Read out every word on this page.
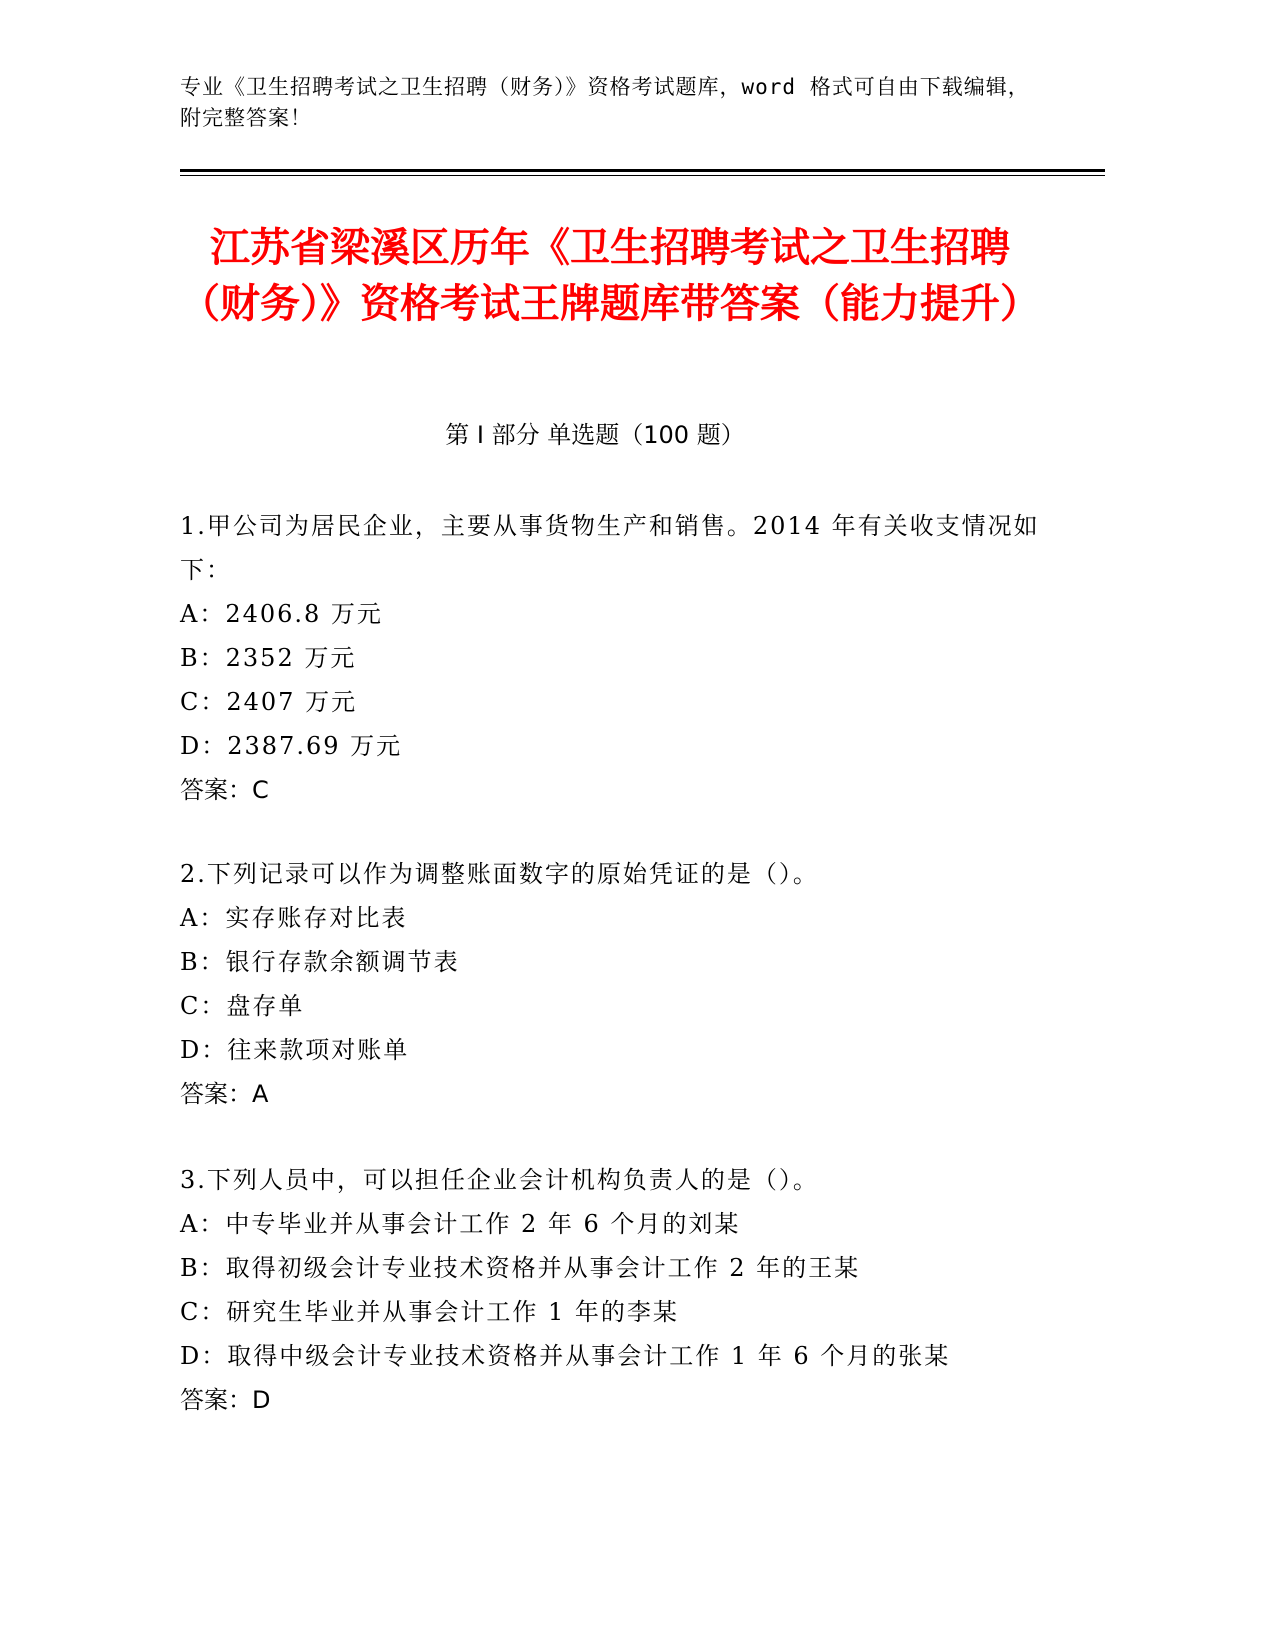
专业《卫生招聘考试之卫生招聘（财务）》资格考试题库，word 格式可自由下载编辑，附完整答案！
江苏省梁溪区历年《卫生招聘考试之卫生招聘（财务）》资格考试王牌题库带答案（能力提升）
第 I 部分 单选题（100 题）
1.甲公司为居民企业，主要从事货物生产和销售。2014 年有关收支情况如下：
A：2406.8 万元
B：2352 万元
C：2407 万元
D：2387.69 万元
答案：C
2.下列记录可以作为调整账面数字的原始凭证的是（）。
A：实存账存对比表
B：银行存款余额调节表
C：盘存单
D：往来款项对账单
答案：A
3.下列人员中，可以担任企业会计机构负责人的是（）。
A：中专毕业并从事会计工作 2 年 6 个月的刘某
B：取得初级会计专业技术资格并从事会计工作 2 年的王某
C：研究生毕业并从事会计工作 1 年的李某
D：取得中级会计专业技术资格并从事会计工作 1 年 6 个月的张某
答案：D
